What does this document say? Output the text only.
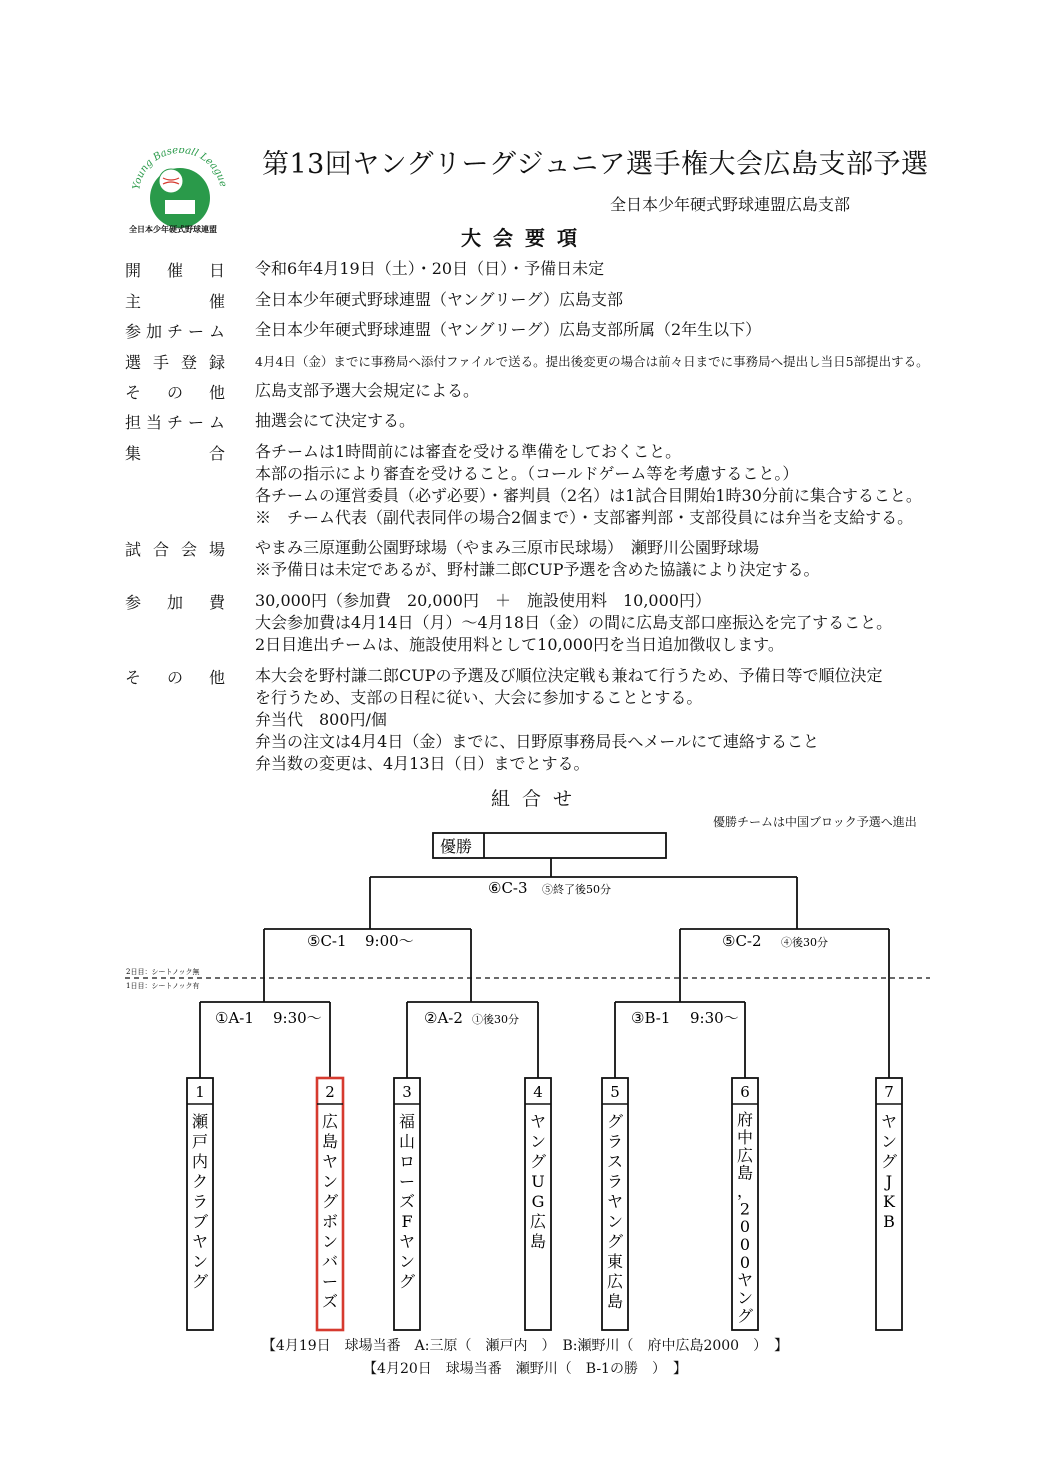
Young Baseball League
全日本少年硬式野球連盟
第13回ヤングリーグジュニア選手権大会広島支部予選
全日本少年硬式野球連盟広島支部
大会要項
開催日 令和6年4月19日（土）・20日（日）・予備日未定
主催 全日本少年硬式野球連盟（ヤングリーグ）広島支部
参加チーム 全日本少年硬式野球連盟（ヤングリーグ）広島支部所属（2年生以下）
選手登録 4月4日（金）までに事務局へ添付ファイルで送る。提出後変更の場合は前々日までに事務局へ提出し当日5部提出する。
その他 広島支部予選大会規定による。
担当チーム 抽選会にて決定する。
集合 各チームは1時間前には審査を受ける準備をしておくこと。
本部の指示により審査を受けること。（コールドゲーム等を考慮すること。）
各チームの運営委員（必ず必要）・審判員（2名）は1試合目開始1時30分前に集合すること。
※　チーム代表（副代表同伴の場合2個まで）・支部審判部・支部役員には弁当を支給する。
試合会場 やまみ三原運動公園野球場（やまみ三原市民球場）　瀬野川公園野球場
※予備日は未定であるが、野村謙二郎CUP予選を含めた協議により決定する。
参加費 30,000円（参加費　20,000円　＋　施設使用料　10,000円）
大会参加費は4月14日（月）～4月18日（金）の間に広島支部口座振込を完了すること。
2日目進出チームは、施設使用料として10,000円を当日追加徴収します。
その他 本大会を野村謙二郎CUPの予選及び順位決定戦も兼ねて行うため、予備日等で順位決定
を行うため、支部の日程に従い、大会に参加することとする。
弁当代　800円/個
弁当の注文は4月4日（金）までに、日野原事務局長へメールにて連絡すること
弁当数の変更は、4月13日（日）までとする。
組合せ
優勝チームは中国ブロック予選へ進出
優勝
⑥C-3 ⑤終了後50分
⑤C-1 9:00～	⑤C-2 ④後30分
①A-1 9:30～	②A-2 ①後30分	③B-1 9:30～
2日目：シートノック無
1日目：シートノック有
1
瀬戸内クラブヤング
2
広島ヤングボンバーズ
3
福山ローズ F ヤング
4
ヤング U G 広島
5
グラスラヤング東広島
6
府中広島， 2 0 0 0 ヤング
7
ヤング J K B
【4月19日　球場当番　A:三原（　瀬戸内　）　B:瀬野川（　府中広島2000　）　】
【4月20日　球場当番　瀬野川（　B-1の勝　）　】
